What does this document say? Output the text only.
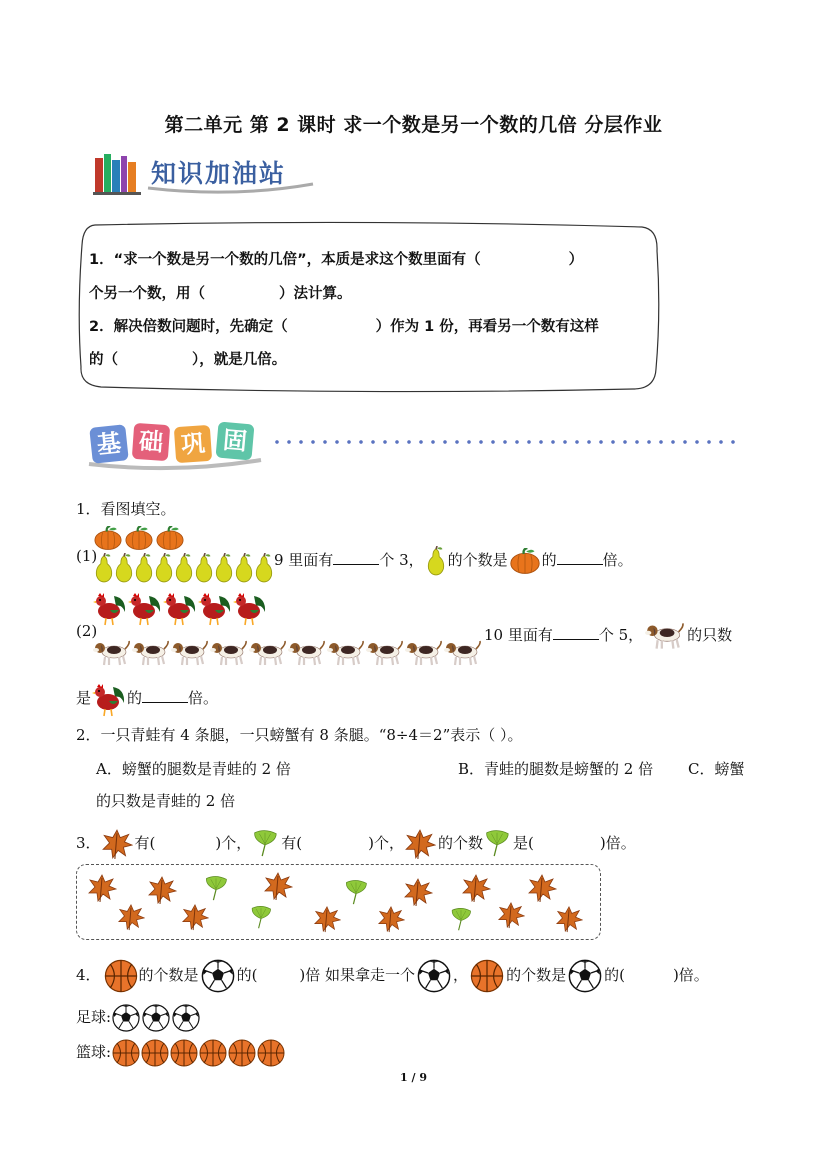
第二单元 第 2 课时 求一个数是另一个数的几倍 分层作业
知识加油站
1．“求一个数是另一个数的几倍”，本质是求这个数里面有（	）
个另一个数，用（	）法计算。
2．解决倍数问题时，先确定（	）作为 1 份，再看另一个数有这样
的（	），就是几倍。
基 础 巩 固
1．看图填空。
(1)	9 里面有	个 3， 的个数是 的	倍。
(2)	10 里面有	个 5，	的只数
是 的	倍。
2．一只青蛙有 4 条腿，一只螃蟹有 8 条腿。“8÷4＝2”表示（ ）。
A．螃蟹的腿数是青蛙的 2 倍	B．青蛙的腿数是螃蟹的 2 倍 C．螃蟹
的只数是青蛙的 2 倍
3． 有(	)个， 有(	)个， 的个数 是(	)倍。
4．	的个数是	的(	)倍 如果拿走一个	，	的个数是	的(	)倍。
足球:
篮球:
1 / 9
